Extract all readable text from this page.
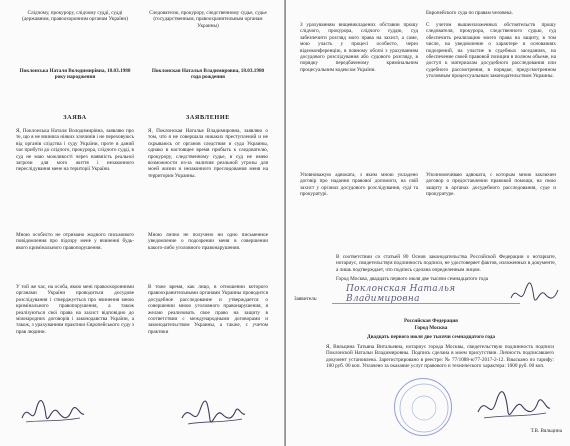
Слідчому, прокурору, слідчому судді, судді (державним, правоохоронним органам України)
Следователю, прокурору, следственному судье, судье (государственным, правоохранительным органам Украины)
Поклонська Наталя Володимирівна, 18.03.1980 року народження
Поклонская Наталья Владимировна, 18.03.1980 года рождения
ЗАЯВА	ЗАЯВЛЕНИЕ
Я, Поклонська Наталя Володимирівна, заявляю про те, що я не вчиняла ніяких злочинів і не переховуюсь від органів слідства і суду України, проте в даний час прибути до слідчого, прокурора, слідчого судді, в суд не маю можливості через наявність реальної загрози для мого життя і незаконного переслідування мене на території України.
Я, Поклонская Наталья Владимировна, заявляю о том, что я не совершала никаких преступлений и не скрываюсь от органов следствия и суда Украины, однако в настоящее время прибыть к следователю, прокурору, следственному судье, в суд не имею возможности из-за наличия реальной угрозы для моей жизни и незаконного преследования меня на территории Украины.
Мною особисто не отримано жодного письмового повідомлення про підозру мене у вчиненні будь-якого кримінального правопорушення.
Мною лично не получено ни одно письменное уведомление о подозрении меня в совершении какого-либо уголовного правонарушения.
У той же час, на особа, якою мені правоохоронними органами України проводиться досудове розслідування і стверджується про вчинення мною кримінального правопорушення, а також реалізуються свої права на захист відповідно до міжнародних договорів і законодавства України, а також, з урахуванням практики Європейського суду з прав людини.
В тоже время, как лицо, в отношении которого правоохранительными органами Украины проводится досудебное расследование и утверждается о совершении мною уголовного правонарушения, я желаю реализовать свое право на защиту в соответствии с международными договорами и законодательством Украины, а также, с учетом практики
Европейского суда по правам человека.
З урахуванням вищевикладених обставин прошу слідчого, прокурора, слідчого суддю, суд забезпечити розгляд мого права на захист, а саме, мою участь у процесі особисто, через відеоконференцію, в повному обсязі з урахуванням досудового розслідування або судового розгляду, в порядку передбаченому кримінальним процесуальним кодексом України.
С учетом вышеизложенных обстоятельств прошу следователя, прокурора, следственного судью, суд обеспечить реализацию моего права на защиту, в том числе, на уведомление о характере и основаниях подозрений, на участие в судебных заседаниях, на обеспечение своей правовой позиции в полном объеме, на доступ к материалам досудебного расследования или судебного рассмотрения, в порядке, предусмотренном уголовным процессуальным законодательством Украины.
Уповноважую адвоката, з яким мною укладено договір про надання правової допомоги, на свій захист у органах досудового розслідування, суді та прокуратурі.
Уполномочиваю адвоката, с которым мною заключен договор о предоставлении правовой помощи, на свою защиту в органах досудебного расследования, суде и прокуратуре.
В соответствии со статьей 80 Основ законодательства Российской Федерации о нотариате, нотариус, свидетельствуя подлинность подписи, не удостоверяет фактов, изложенных в документе, а лишь подтверждает, что подпись сделана определенным лицом.
Город Москва, двадцать первого июля две тысячи семнадцатого года
Заявитель:
Поклонская Наталья Владимировна
Российская Федерация
Город Москва
Двадцать первого июля две тысячи семнадцатого года
Я, Вяльцина Татьяна Витальевна, нотариус города Москвы, свидетельствую подлинность подписи Поклонской Натальи Владимировны. Подпись сделана в моем присутствии. Личность подписавшего документ установлена. Зарегистрировано в реестре: № 77/1088-н/77-2017-2-12. Взыскано по тарифу: 100 руб. 00 коп. Уплачено за оказание услуг правового и технического характера: 1000 руб. 00 коп.
Т.В. Вяльцина
